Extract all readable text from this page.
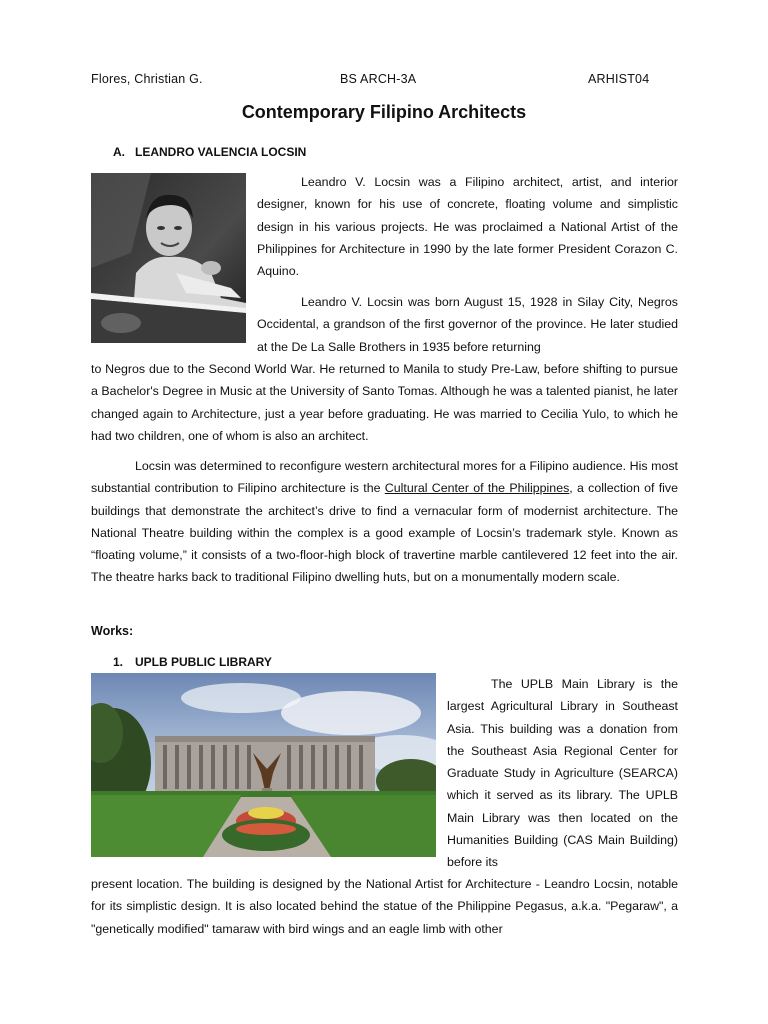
Flores, Christian G.	BS ARCH-3A	ARHIST04
Contemporary Filipino Architects
A. LEANDRO VALENCIA LOCSIN

Leandro V. Locsin was a Filipino architect, artist, and interior designer, known for his use of concrete, floating volume and simplistic design in his various projects. He was proclaimed a National Artist of the Philippines for Architecture in 1990 by the late former President Corazon C. Aquino.

Leandro V. Locsin was born August 15, 1928 in Silay City, Negros Occidental, a grandson of the first governor of the province. He later studied at the De La Salle Brothers in 1935 before returning

to Negros due to the Second World War. He returned to Manila to study Pre-Law, before shifting to pursue a Bachelor's Degree in Music at the University of Santo Tomas. Although he was a talented pianist, he later changed again to Architecture, just a year before graduating. He was married to Cecilia Yulo, to which he had two children, one of whom is also an architect.

Locsin was determined to reconfigure western architectural mores for a Filipino audience. His most substantial contribution to Filipino architecture is the Cultural Center of the Philippines, a collection of five buildings that demonstrate the architect’s drive to find a vernacular form of modernist architecture. The National Theatre building within the complex is a good example of Locsin’s trademark style. Known as “floating volume,” it consists of a two-floor-high block of travertine marble cantilevered 12 feet into the air. The theatre harks back to traditional Filipino dwelling huts, but on a monumentally modern scale.

Works:
1. UPLB PUBLIC LIBRARY

The UPLB Main Library is the largest Agricultural Library in Southeast Asia. This building was a donation from the Southeast Asia Regional Center for Graduate Study in Agriculture (SEARCA) which it served as its library. The UPLB Main Library was then located on the Humanities Building (CAS Main Building) before its

present location. The building is designed by the National Artist for Architecture - Leandro Locsin, notable for its simplistic design. It is also located behind the statue of the Philippine Pegasus, a.k.a. "Pegaraw", a "genetically modified" tamaraw with bird wings and an eagle limb with other
